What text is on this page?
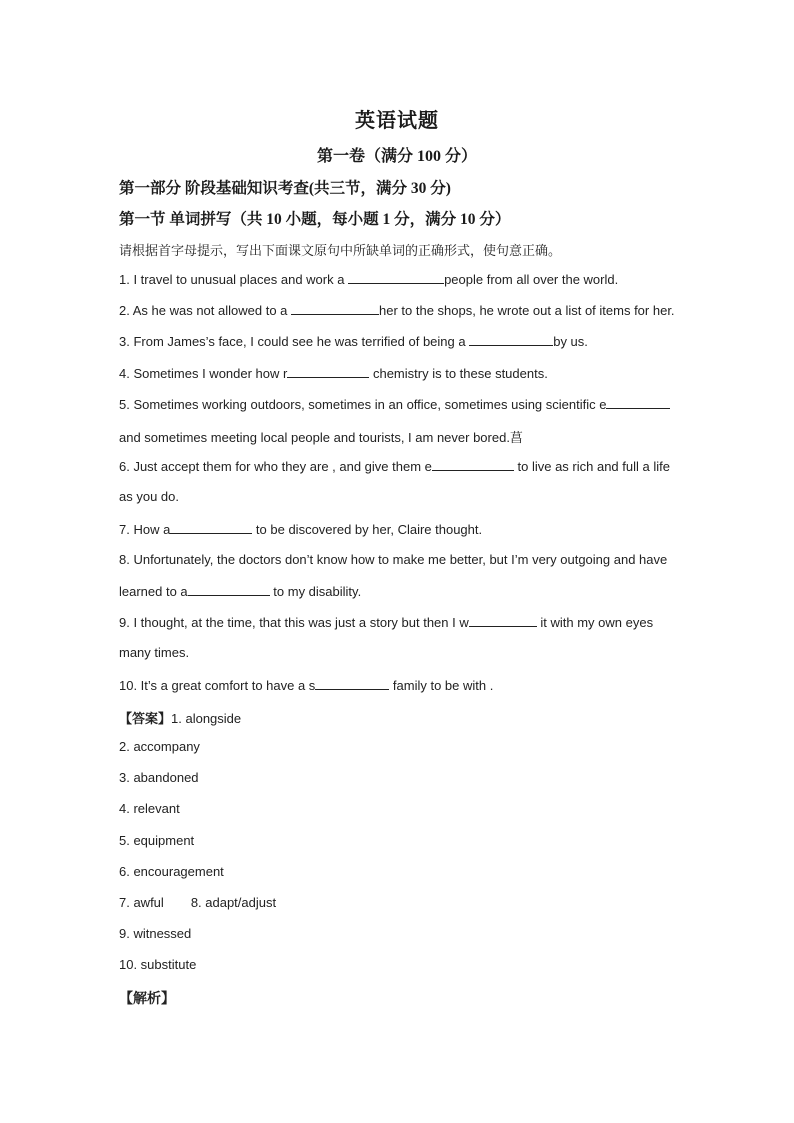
英语试题
第一卷（满分 100 分）
第一部分 阶段基础知识考查(共三节，满分 30 分)
第一节 单词拼写（共 10 小题，每小题 1 分，满分 10 分）
请根据首字母提示，写出下面课文原句中所缺单词的正确形式，使句意正确。
1. I travel to unusual places and work a	people from all over the world.
2. As he was not allowed to a	her to the shops, he wrote out a list of items for her.
3. From James’s face, I could see he was terrified of being a	by us.
4. Sometimes I wonder how r	chemistry is to these students.
5. Sometimes working outdoors, sometimes in an office, sometimes using scientific e
and sometimes meeting local people and tourists, I am never bored.菖
6. Just accept them for who they are , and give them e	to live as rich and full a life
as you do.
7. How a	to be discovered by her, Claire thought.
8. Unfortunately, the doctors don’t know how to make me better, but I’m very outgoing and have
learned to a	to my disability.
9. I thought, at the time, that this was just a story but then I w	it with my own eyes
many times.
10. It’s a great comfort to have a s	family to be with .
【答案】1. alongside
2. accompany
3. abandoned
4. relevant
5. equipment
6. encouragement
7. awful 8. adapt/adjust
9. witnessed
10. substitute
【解析】
